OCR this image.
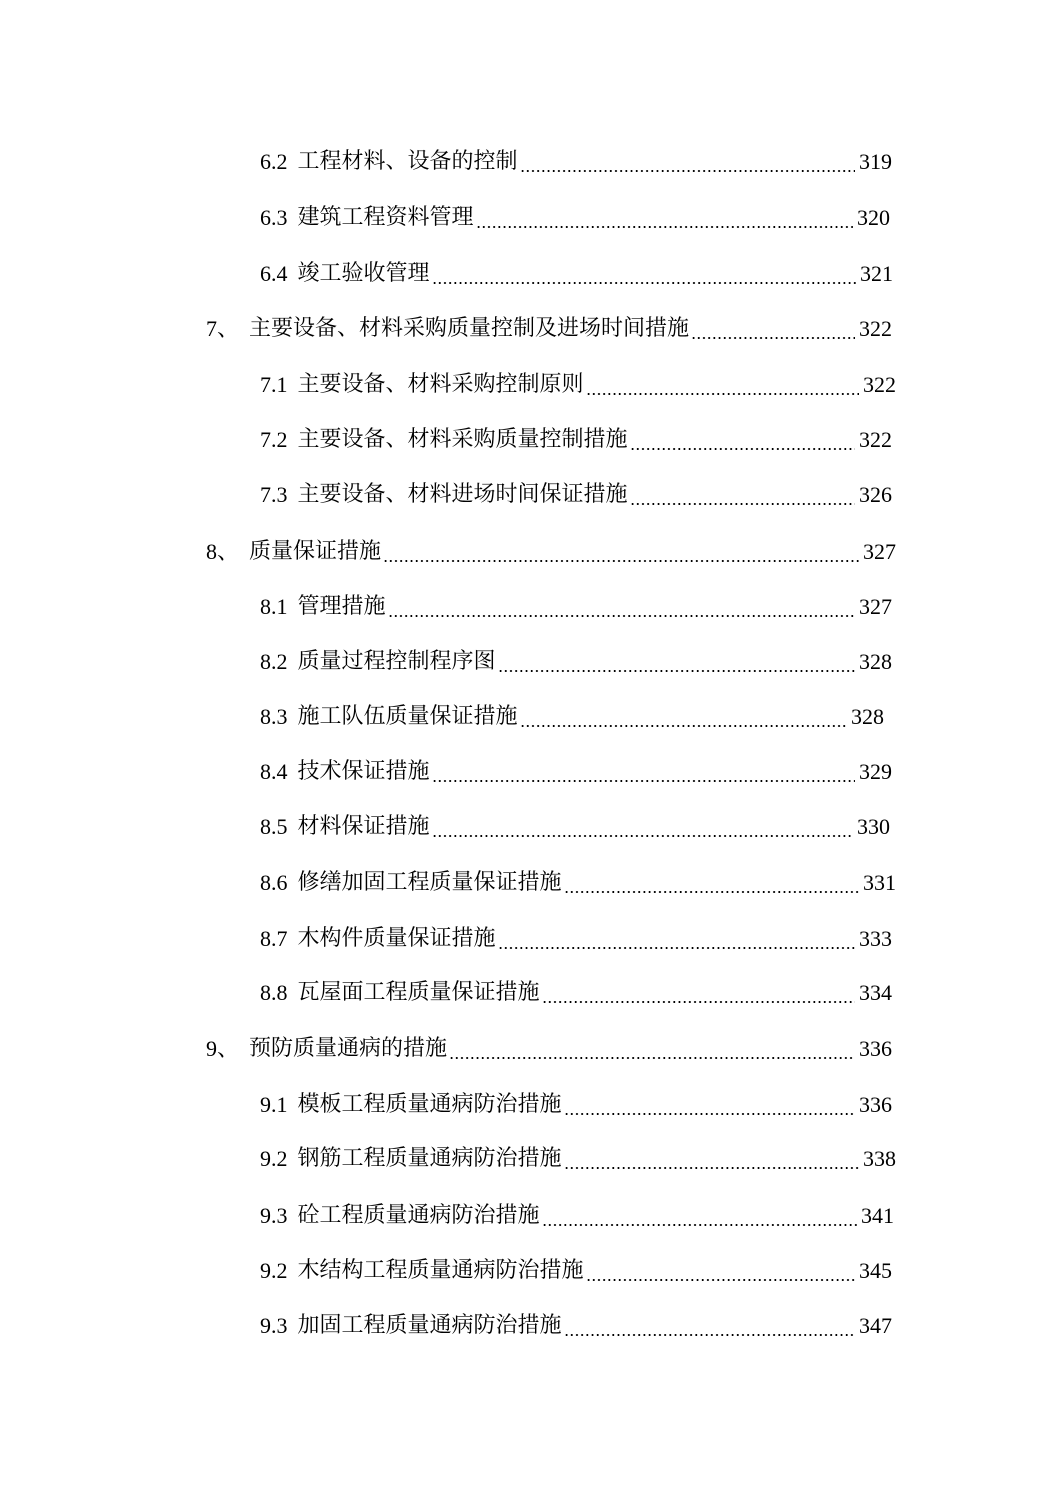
6.2 工程材料、设备的控制	319
6.3 建筑工程资料管理	320
6.4 竣工验收管理	321
7、 主要设备、材料采购质量控制及进场时间措施	322
7.1 主要设备、材料采购控制原则	322
7.2 主要设备、材料采购质量控制措施	322
7.3 主要设备、材料进场时间保证措施	326
8、 质量保证措施	327
8.1 管理措施	327
8.2 质量过程控制程序图	328
8.3 施工队伍质量保证措施	328
8.4 技术保证措施	329
8.5 材料保证措施	330
8.6 修缮加固工程质量保证措施	331
8.7 木构件质量保证措施	333
8.8 瓦屋面工程质量保证措施	334
9、 预防质量通病的措施	336
9.1 模板工程质量通病防治措施	336
9.2 钢筋工程质量通病防治措施	338
9.3 砼工程质量通病防治措施	341
9.2 木结构工程质量通病防治措施	345
9.3 加固工程质量通病防治措施	347
